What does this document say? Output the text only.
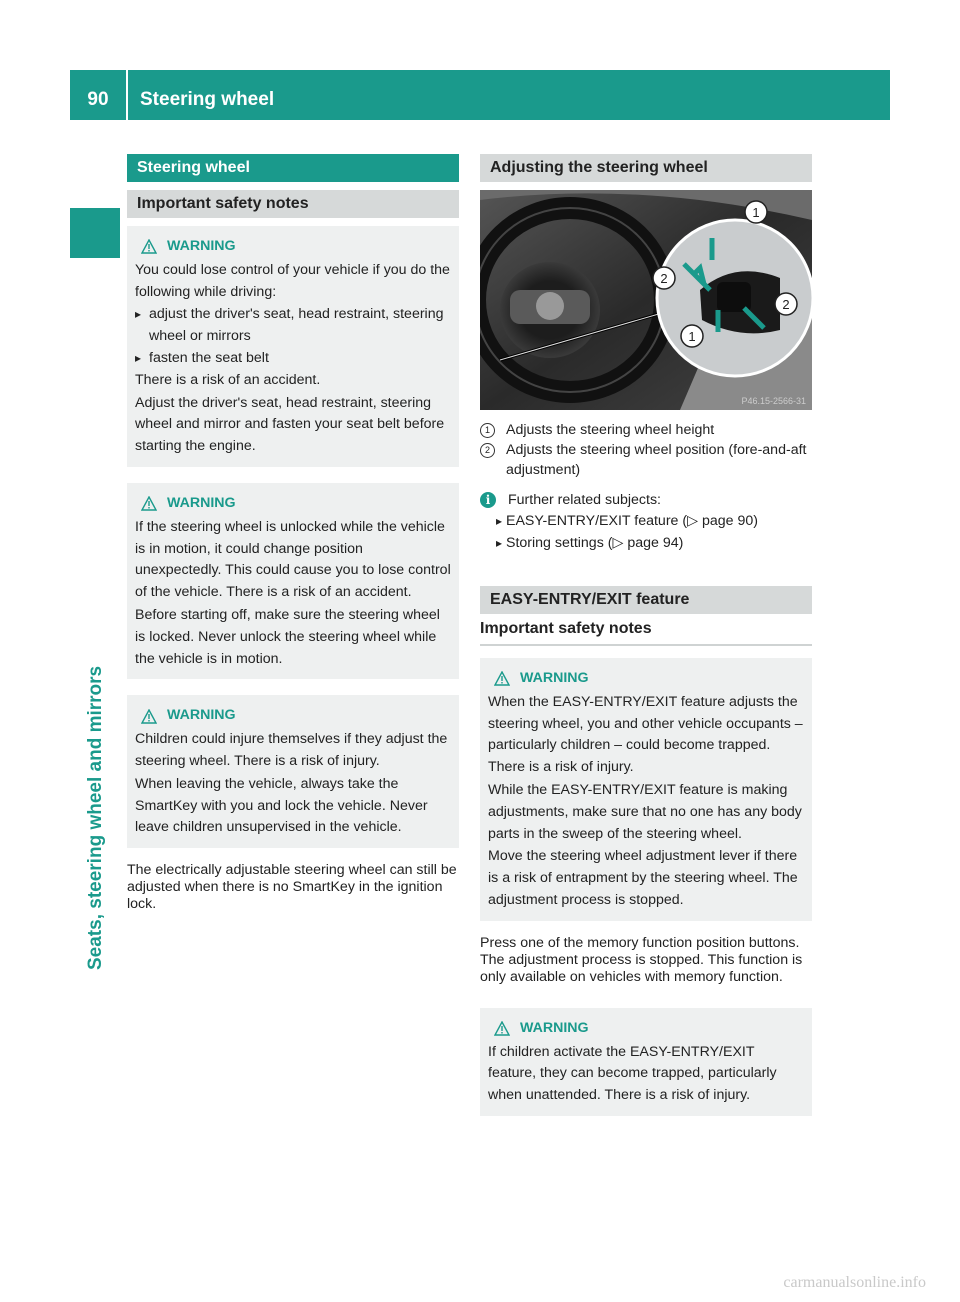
90	Steering wheel
Seats, steering wheel and mirrors
Steering wheel
Important safety notes
WARNING

You could lose control of your vehicle if you do the following while driving:

▸ adjust the driver's seat, head restraint, steering wheel or mirrors
▸ fasten the seat belt

There is a risk of an accident.

Adjust the driver's seat, head restraint, steering wheel and mirror and fasten your seat belt before starting the engine.

WARNING

If the steering wheel is unlocked while the vehicle is in motion, it could change position unexpectedly. This could cause you to lose control of the vehicle. There is a risk of an accident.

Before starting off, make sure the steering wheel is locked. Never unlock the steering wheel while the vehicle is in motion.

WARNING

Children could injure themselves if they adjust the steering wheel. There is a risk of injury.

When leaving the vehicle, always take the SmartKey with you and lock the vehicle. Never leave children unsupervised in the vehicle.

The electrically adjustable steering wheel can still be adjusted when there is no SmartKey in the ignition lock.
Adjusting the steering wheel
1
2
2
1
P46.15-2566-31
1	Adjusts the steering wheel height
2	Adjusts the steering wheel position (fore-and-aft adjustment)
i	Further related subjects:
▸ EASY-ENTRY/EXIT feature (▷ page 90)
▸ Storing settings (▷ page 94)
EASY-ENTRY/EXIT feature
Important safety notes
WARNING

When the EASY-ENTRY/EXIT feature adjusts the steering wheel, you and other vehicle occupants – particularly children – could become trapped. There is a risk of injury.

While the EASY-ENTRY/EXIT feature is making adjustments, make sure that no one has any body parts in the sweep of the steering wheel.

Move the steering wheel adjustment lever if there is a risk of entrapment by the steering wheel. The adjustment process is stopped.

Press one of the memory function position buttons. The adjustment process is stopped. This function is only available on vehicles with memory function.
WARNING

If children activate the EASY-ENTRY/EXIT feature, they can become trapped, particularly when unattended. There is a risk of injury.

carmanualsonline.info
